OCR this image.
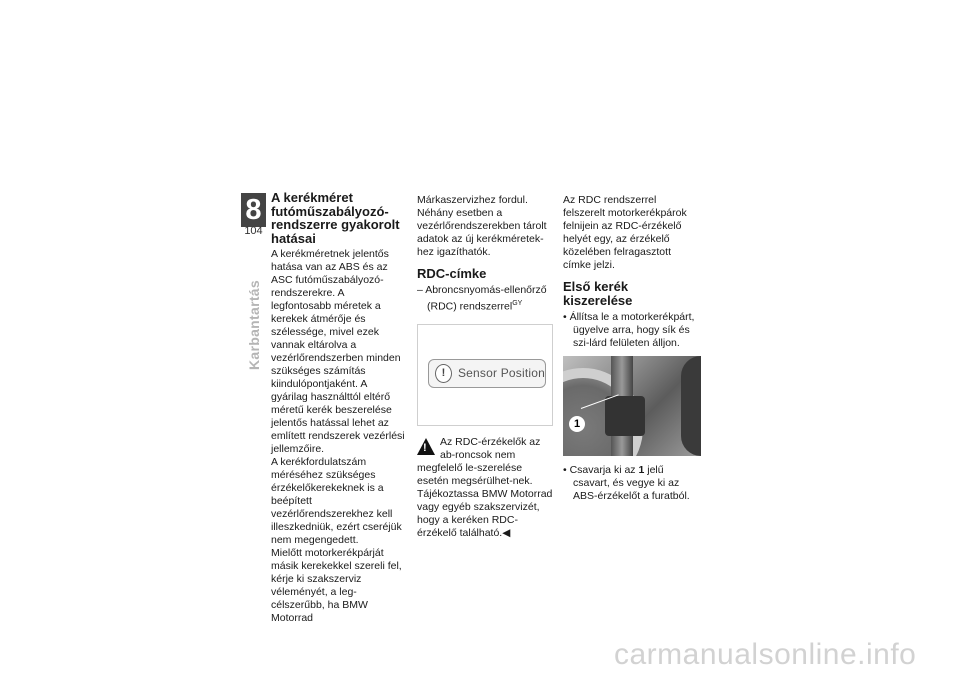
8
104
Karbantartás
A kerékméret futóműszabályozó-rendszerre gyakorolt hatásai

A kerékméretnek jelentős hatása van az ABS és az ASC futóműszabályozó-rendszerekre. A legfontosabb méretek a kerekek átmérője és szélessége, mivel ezek vannak eltárolva a vezérlőrendszerben minden szükséges számítás kiindulópontjaként. A gyárilag használttól eltérő méretű kerék beszerelése jelentős hatással lehet az említett rendszerek vezérlési jellemzőire.

A kerékfordulatszám méréséhez szükséges érzékelőkerekeknek is a beépített vezérlőrendszerekhez kell illeszkedniük, ezért cseréjük nem megengedett.

Mielőtt motorkerékpárját másik kerekekkel szereli fel, kérje ki szakszerviz véleményét, a leg-célszerűbb, ha BMW Motorrad

Márkaszervizhez fordul. Néhány esetben a vezérlőrendszerekben tárolt adatok az új kerékméretek-hez igazíthatók.

RDC-címke

– Abroncsnyomás-ellenőrző (RDC) rendszerrel$^{GY}$

!	Sensor Position
!	Az RDC-érzékelők az ab-roncsok nem megfelelő le-szerelése esetén megsérülhet-nek.

Tájékoztassa BMW Motorrad vagy egyéb szakszervizét, hogy a keréken RDC-érzékelő található.◀

Az RDC rendszerrel felszerelt motorkerékpárok felnijein az RDC-érzékelő helyét egy, az érzékelő közelében felragasztott címke jelzi.

Első kerék kiszerelése

• Állítsa le a motorkerékpárt, ügyelve arra, hogy sík és szi-lárd felületen álljon.

1

• Csavarja ki az 1 jelű csavart, és vegye ki az ABS-érzékelőt a furatból.

carmanualsonline.info
